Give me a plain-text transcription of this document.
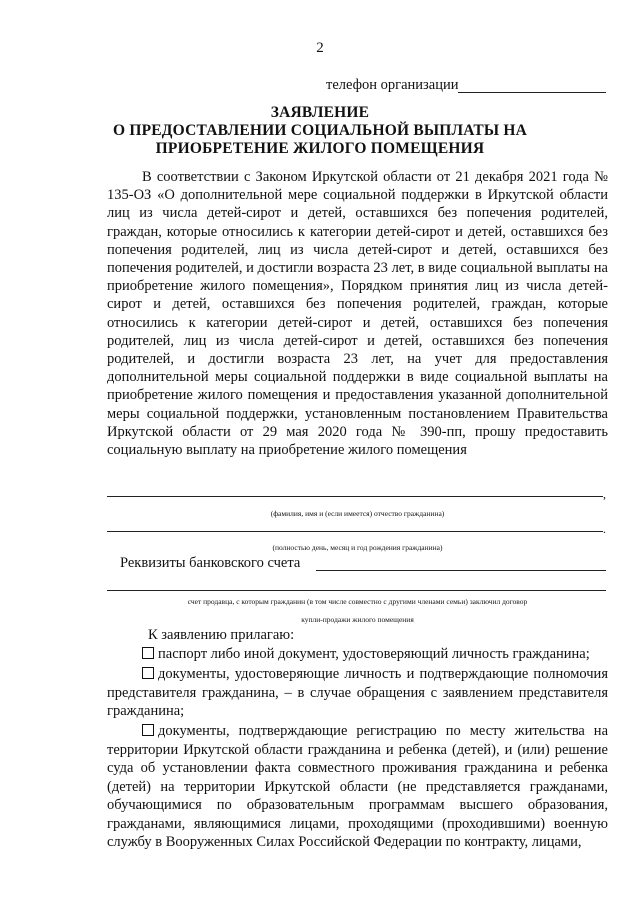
2
телефон организации
ЗАЯВЛЕНИЕ
О ПРЕДОСТАВЛЕНИИ СОЦИАЛЬНОЙ ВЫПЛАТЫ НА
ПРИОБРЕТЕНИЕ ЖИЛОГО ПОМЕЩЕНИЯ

В соответствии с Законом Иркутской области от 21 декабря 2021 года № 135-ОЗ «О дополнительной мере социальной поддержки в Иркутской области лиц из числа детей-сирот и детей, оставшихся без попечения родителей, граждан, которые относились к категории детей-сирот и детей, оставшихся без попечения родителей, лиц из числа детей-сирот и детей, оставшихся без попечения родителей, и достигли возраста 23 лет, в виде социальной выплаты на приобретение жилого помещения», Порядком принятия лиц из числа детей-сирот и детей, оставшихся без попечения родителей, граждан, которые относились к категории детей-сирот и детей, оставшихся без попечения родителей, лиц из числа детей-сирот и детей, оставшихся без попечения родителей, и достигли возраста 23 лет, на учет для предоставления дополнительной меры социальной поддержки в виде социальной выплаты на приобретение жилого помещения и предоставления указанной дополнительной меры социальной поддержки, установленным постановлением Правительства Иркутской области от 29 мая 2020 года № 390-пп, прошу предоставить социальную выплату на приобретение жилого помещения

,
(фамилия, имя и (если имеется) отчество гражданина)
.
(полностью день, месяц и год рождения гражданина)
Реквизиты банковского счета
счет продавца, с которым гражданин (в том числе совместно с другими членами семьи) заключил договор
купли-продажи жилого помещения
К заявлению прилагаю:

паспорт либо иной документ, удостоверяющий личность гражданина;

документы, удостоверяющие личность и подтверждающие полномочия представителя гражданина, – в случае обращения с заявлением представителя гражданина;

документы, подтверждающие регистрацию по месту жительства на территории Иркутской области гражданина и ребенка (детей), и (или) решение суда об установлении факта совместного проживания гражданина и ребенка (детей) на территории Иркутской области (не представляется гражданами, обучающимися по образовательным программам высшего образования, гражданами, являющимися лицами, проходящими (проходившими) военную службу в Вооруженных Силах Российской Федерации по контракту, лицами,
